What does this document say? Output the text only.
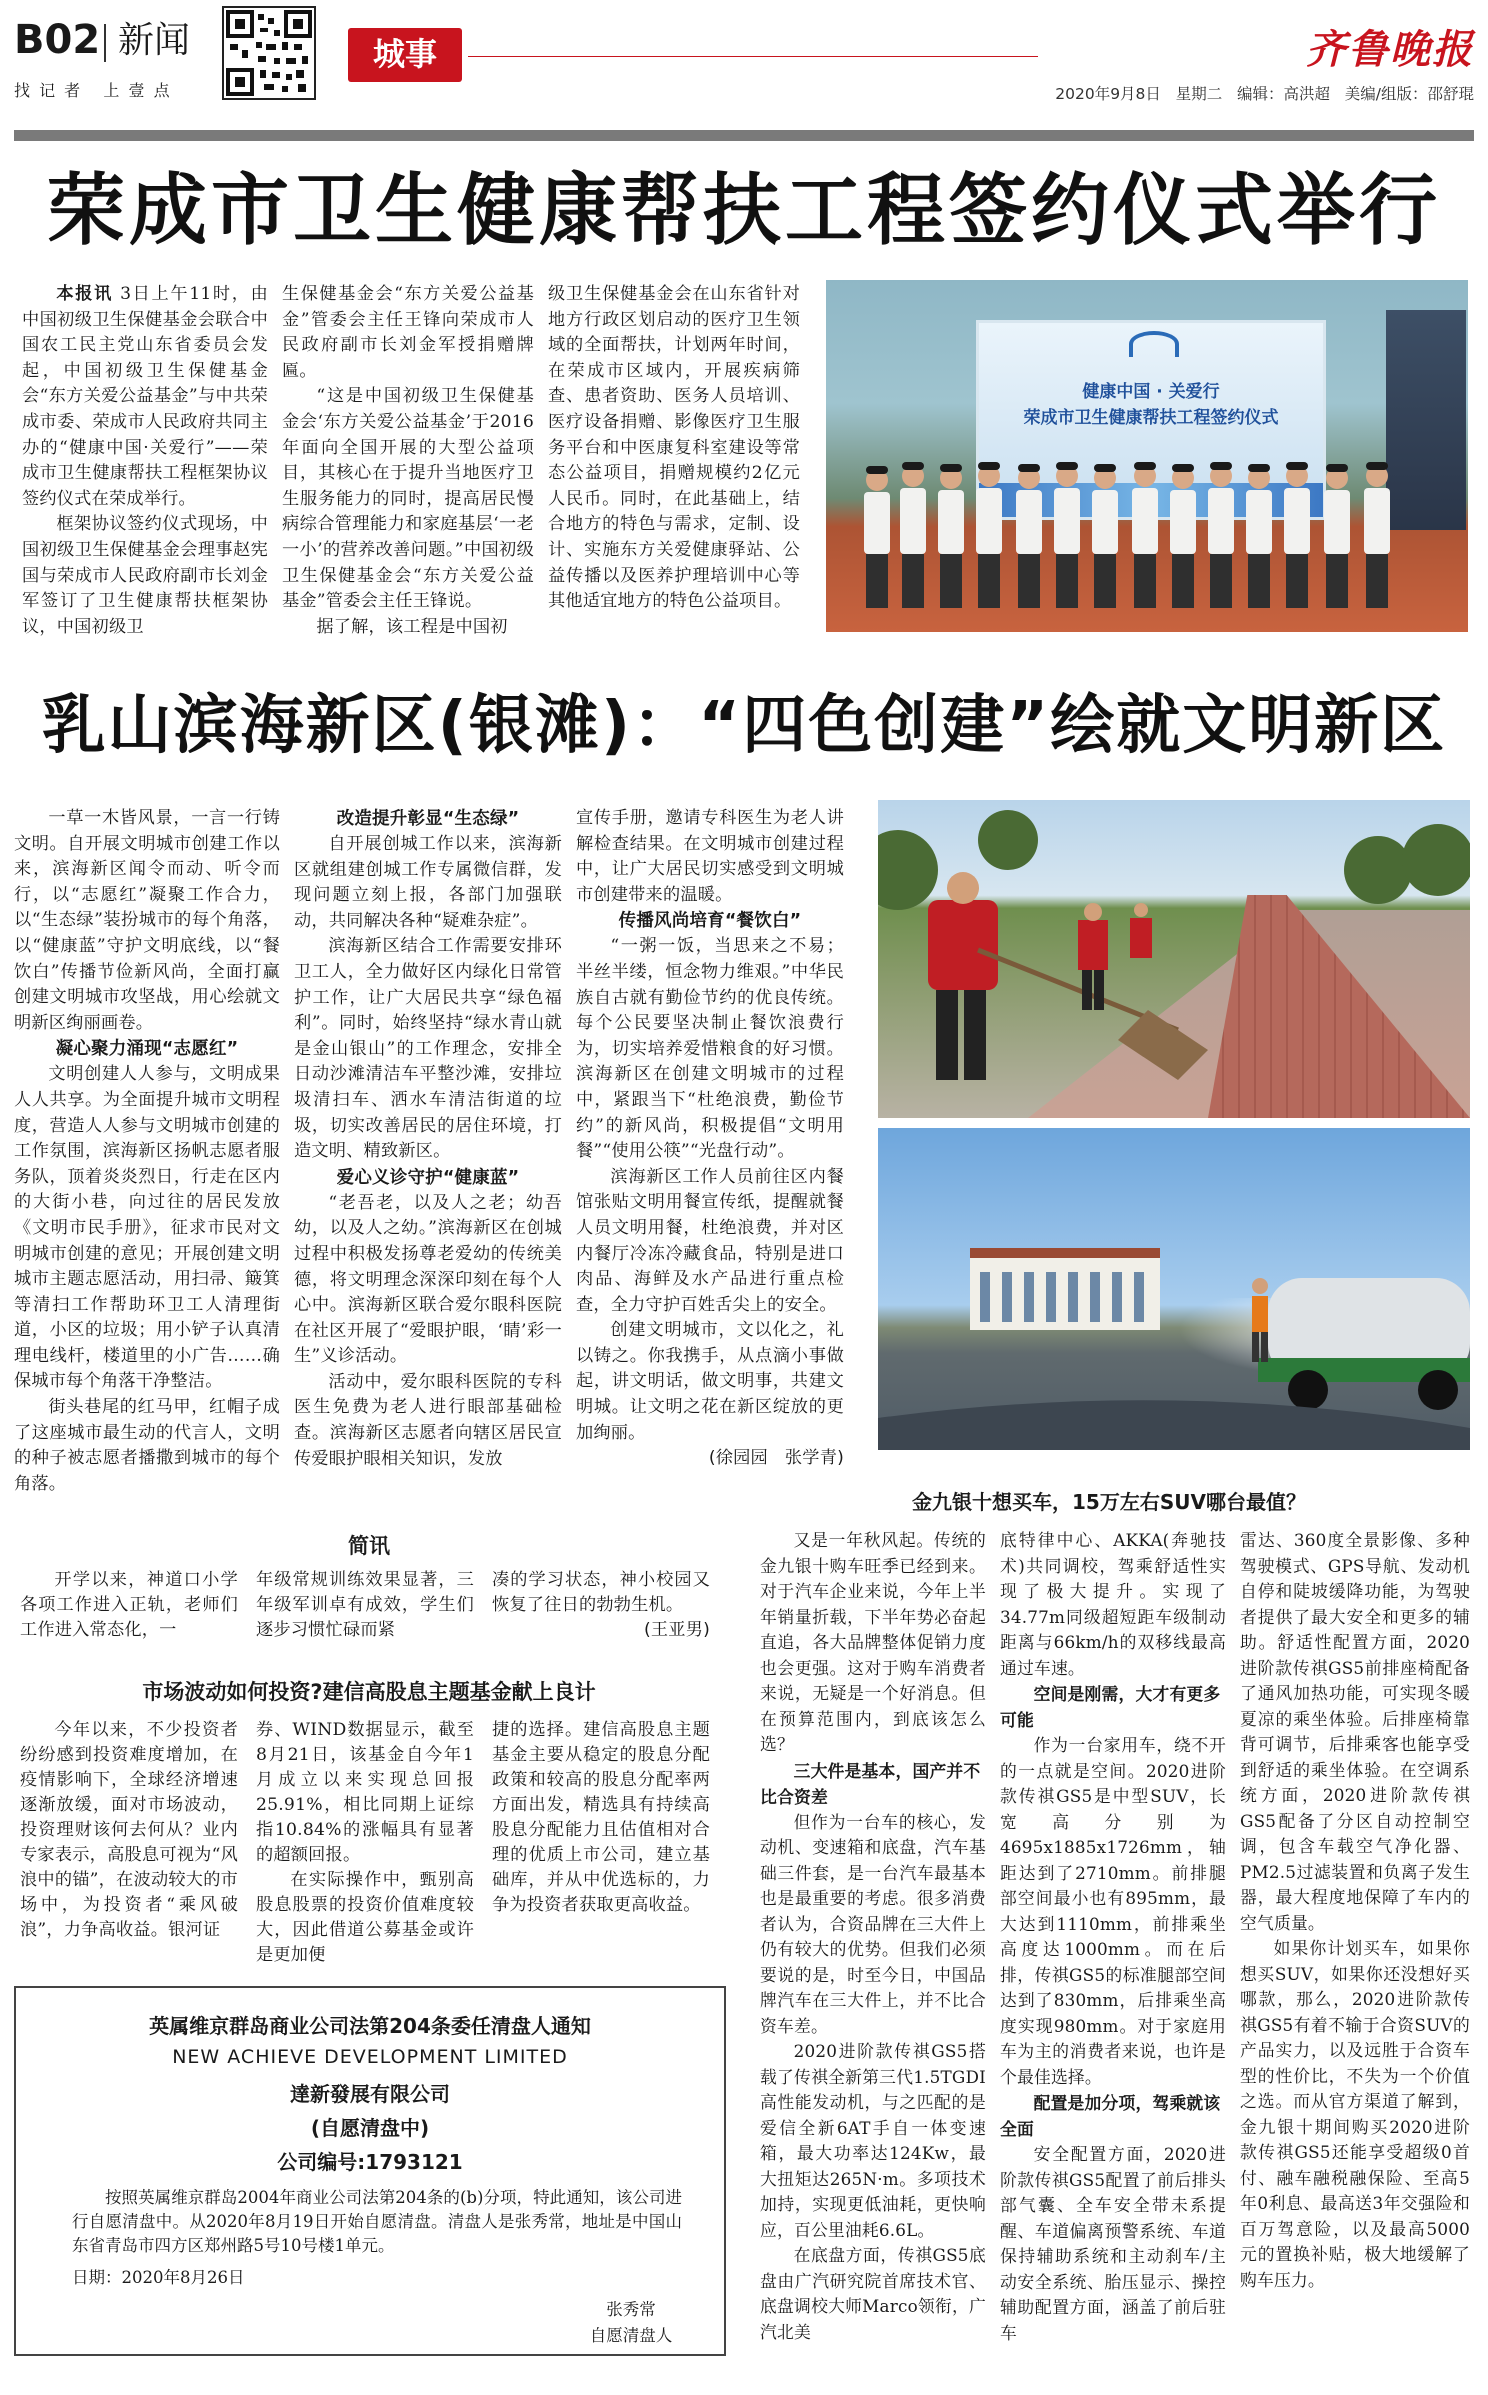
B02 新闻
找 记 者   上 壹 点
城事	齐鲁晚报
2020年9月8日   星期二   编辑：高洪超   美编/组版：邵舒琨
荣成市卫生健康帮扶工程签约仪式举行

本报讯 3日上午11时，由中国初级卫生保健基金会联合中国农工民主党山东省委员会发起，中国初级卫生保健基金会“东方关爱公益基金”与中共荣成市委、荣成市人民政府共同主办的“健康中国·关爱行”——荣成市卫生健康帮扶工程框架协议签约仪式在荣成举行。

框架协议签约仪式现场，中国初级卫生保健基金会理事赵宪国与荣成市人民政府副市长刘金军签订了卫生健康帮扶框架协议，中国初级卫

生保健基金会“东方关爱公益基金”管委会主任王锋向荣成市人民政府副市长刘金军授捐赠牌匾。

“这是中国初级卫生保健基金会‘东方关爱公益基金’于2016年面向全国开展的大型公益项目，其核心在于提升当地医疗卫生服务能力的同时，提高居民慢病综合管理能力和家庭基层‘一老一小’的营养改善问题。”中国初级卫生保健基金会“东方关爱公益基金”管委会主任王锋说。

据了解，该工程是中国初

级卫生保健基金会在山东省针对地方行政区划启动的医疗卫生领域的全面帮扶，计划两年时间，在荣成市区域内，开展疾病筛查、患者资助、医务人员培训、医疗设备捐赠、影像医疗卫生服务平台和中医康复科室建设等常态公益项目，捐赠规模约2亿元人民币。同时，在此基础上，结合地方的特色与需求，定制、设计、实施东方关爱健康驿站、公益传播以及医养护理培训中心等其他适宜地方的特色公益项目。

健康中国 · 关爱行
荣成市卫生健康帮扶工程签约仪式
乳山滨海新区(银滩)：“四色创建”绘就文明新区

一草一木皆风景，一言一行铸文明。自开展文明城市创建工作以来，滨海新区闻令而动、听令而行，以“志愿红”凝聚工作合力，以“生态绿”装扮城市的每个角落，以“健康蓝”守护文明底线，以“餐饮白”传播节俭新风尚，全面打赢创建文明城市攻坚战，用心绘就文明新区绚丽画卷。

凝心聚力涌现“志愿红”

文明创建人人参与，文明成果人人共享。为全面提升城市文明程度，营造人人参与文明城市创建的工作氛围，滨海新区扬帆志愿者服务队，顶着炎炎烈日，行走在区内的大街小巷，向过往的居民发放《文明市民手册》，征求市民对文明城市创建的意见；开展创建文明城市主题志愿活动，用扫帚、簸箕等清扫工作帮助环卫工人清理街道，小区的垃圾；用小铲子认真清理电线杆，楼道里的小广告……确保城市每个角落干净整洁。

街头巷尾的红马甲，红帽子成了这座城市最生动的代言人，文明的种子被志愿者播撒到城市的每个角落。

改造提升彰显“生态绿”

自开展创城工作以来，滨海新区就组建创城工作专属微信群，发现问题立刻上报，各部门加强联动，共同解决各种“疑难杂症”。

滨海新区结合工作需要安排环卫工人，全力做好区内绿化日常管护工作，让广大居民共享“绿色福利”。同时，始终坚持“绿水青山就是金山银山”的工作理念，安排全日动沙滩清洁车平整沙滩，安排垃圾清扫车、洒水车清洁街道的垃圾，切实改善居民的居住环境，打造文明、精致新区。

爱心义诊守护“健康蓝”

“老吾老，以及人之老；幼吾幼，以及人之幼。”滨海新区在创城过程中积极发扬尊老爱幼的传统美德，将文明理念深深印刻在每个人心中。滨海新区联合爱尔眼科医院在社区开展了“爱眼护眼，‘睛’彩一生”义诊活动。

活动中，爱尔眼科医院的专科医生免费为老人进行眼部基础检查。滨海新区志愿者向辖区居民宣传爱眼护眼相关知识，发放

宣传手册，邀请专科医生为老人讲解检查结果。在文明城市创建过程中，让广大居民切实感受到文明城市创建带来的温暖。

传播风尚培育“餐饮白”

“一粥一饭，当思来之不易；半丝半缕，恒念物力维艰。”中华民族自古就有勤俭节约的优良传统。每个公民要坚决制止餐饮浪费行为，切实培养爱惜粮食的好习惯。滨海新区在创建文明城市的过程中，紧跟当下“杜绝浪费，勤俭节约”的新风尚，积极提倡“文明用餐”“使用公筷”“光盘行动”。

滨海新区工作人员前往区内餐馆张贴文明用餐宣传纸，提醒就餐人员文明用餐，杜绝浪费，并对区内餐厅冷冻冷藏食品，特别是进口肉品、海鲜及水产品进行重点检查，全力守护百姓舌尖上的安全。

创建文明城市，文以化之，礼以铸之。你我携手，从点滴小事做起，讲文明话，做文明事，共建文明城。让文明之花在新区绽放的更加绚丽。

(徐园园   张学青)
简讯

开学以来，神道口小学各项工作进入正轨，老师们工作进入常态化，一

年级常规训练效果显著，三年级军训卓有成效，学生们逐步习惯忙碌而紧

凑的学习状态，神小校园又恢复了往日的勃勃生机。

(王亚男)
市场波动如何投资?建信高股息主题基金献上良计

今年以来，不少投资者纷纷感到投资难度增加，在疫情影响下，全球经济增速逐渐放缓，面对市场波动，投资理财该何去何从？业内专家表示，高股息可视为“风浪中的锚”，在波动较大的市场中，为投资者“乘风破浪”，力争高收益。银河证

券、WIND数据显示，截至8月21日，该基金自今年1月成立以来实现总回报25.91%，相比同期上证综指10.84%的涨幅具有显著的超额回报。

在实际操作中，甄别高股息股票的投资价值难度较大，因此借道公募基金或许是更加便

捷的选择。建信高股息主题基金主要从稳定的股息分配政策和较高的股息分配率两方面出发，精选具有持续高股息分配能力且估值相对合理的优质上市公司，建立基础库，并从中优选标的，力争为投资者获取更高收益。

英属维京群岛商业公司法第204条委任清盘人通知
NEW ACHIEVE DEVELOPMENT LIMITED
達新發展有限公司
(自愿清盘中)
公司编号:1793121
按照英属维京群岛2004年商业公司法第204条的(b)分项，特此通知，该公司进行自愿清盘中。从2020年8月19日开始自愿清盘。清盘人是张秀常，地址是中国山东省青岛市四方区郑州路5号10号楼1单元。
日期：2020年8月26日
张秀常
自愿清盘人
金九银十想买车，15万左右SUV哪台最值？

又是一年秋风起。传统的金九银十购车旺季已经到来。对于汽车企业来说，今年上半年销量折载，下半年势必奋起直追，各大品牌整体促销力度也会更强。这对于购车消费者来说，无疑是一个好消息。但在预算范围内，到底该怎么选？

三大件是基本，国产并不比合资差

但作为一台车的核心，发动机、变速箱和底盘，汽车基础三件套，是一台汽车最基本也是最重要的考虑。很多消费者认为，合资品牌在三大件上仍有较大的优势。但我们必须要说的是，时至今日，中国品牌汽车在三大件上，并不比合资车差。

2020进阶款传祺GS5搭载了传祺全新第三代1.5TGDI高性能发动机，与之匹配的是爱信全新6AT手自一体变速箱，最大功率达124Kw，最大扭矩达265N·m。多项技术加持，实现更低油耗，更快响应，百公里油耗6.6L。

在底盘方面，传祺GS5底盘由广汽研究院首席技术官、底盘调校大师Marco领衔，广汽北美

底特律中心、AKKA(奔驰技术)共同调校，驾乘舒适性实现了极大提升。实现了34.77m同级超短距车级制动距离与66km/h的双移线最高通过车速。

空间是刚需，大才有更多可能

作为一台家用车，绕不开的一点就是空间。2020进阶款传祺GS5是中型SUV，长宽高分别为4695x1885x1726mm，轴距达到了2710mm。前排腿部空间最小也有895mm，最大达到1110mm，前排乘坐高度达1000mm。而在后排，传祺GS5的标准腿部空间达到了830mm，后排乘坐高度实现980mm。对于家庭用车为主的消费者来说，也许是个最佳选择。

配置是加分项，驾乘就该全面

安全配置方面，2020进阶款传祺GS5配置了前后排头部气囊、全车安全带未系提醒、车道偏离预警系统、车道保持辅助系统和主动刹车/主动安全系统、胎压显示、操控辅助配置方面，涵盖了前后驻车

雷达、360度全景影像、多种驾驶模式、GPS导航、发动机自停和陡坡缓降功能，为驾驶者提供了最大安全和更多的辅助。舒适性配置方面，2020进阶款传祺GS5前排座椅配备了通风加热功能，可实现冬暖夏凉的乘坐体验。后排座椅靠背可调节，后排乘客也能享受到舒适的乘坐体验。在空调系统方面，2020进阶款传祺GS5配备了分区自动控制空调，包含车载空气净化器、PM2.5过滤装置和负离子发生器，最大程度地保障了车内的空气质量。

如果你计划买车，如果你想买SUV，如果你还没想好买哪款，那么，2020进阶款传祺GS5有着不输于合资SUV的产品实力，以及远胜于合资车型的性价比，不失为一个价值之选。而从官方渠道了解到，金九银十期间购买2020进阶款传祺GS5还能享受超级0首付、融车融税融保险、至高5年0利息、最高送3年交强险和百万驾意险，以及最高5000元的置换补贴，极大地缓解了购车压力。
